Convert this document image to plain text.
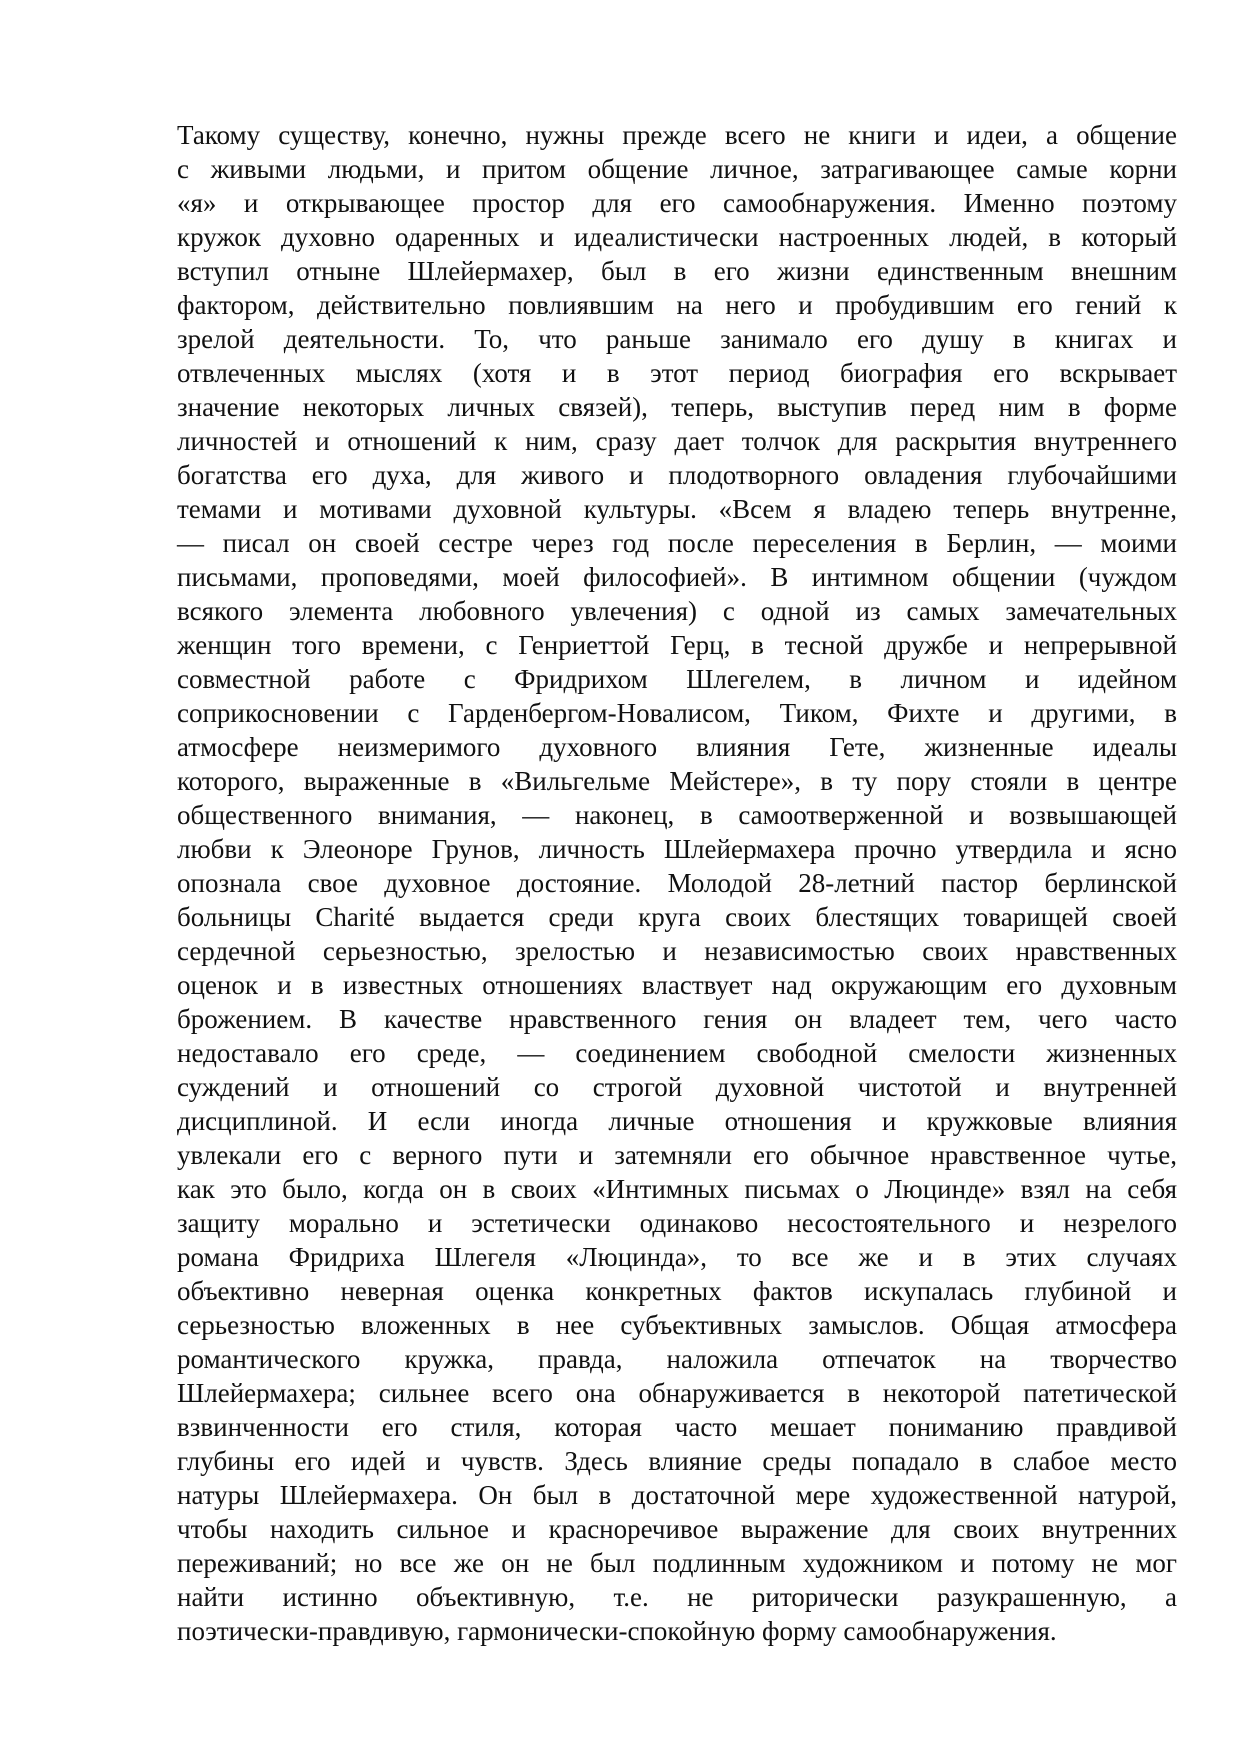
Такому существу, конечно, нужны прежде всего не книги и идеи, а общение
с живыми людьми, и притом общение личное, затрагивающее самые корни
«я» и открывающее простор для его самообнаружения. Именно поэтому
кружок духовно одаренных и идеалистически настроенных людей, в который
вступил отныне Шлейермахер, был в его жизни единственным внешним
фактором, действительно повлиявшим на него и пробудившим его гений к
зрелой деятельности. То, что раньше занимало его душу в книгах и
отвлеченных мыслях (хотя и в этот период биография его вскрывает
значение некоторых личных связей), теперь, выступив перед ним в форме
личностей и отношений к ним, сразу дает толчок для раскрытия внутреннего
богатства его духа, для живого и плодотворного овладения глубочайшими
темами и мотивами духовной культуры. «Всем я владею теперь внутренне,
— писал он своей сестре через год после переселения в Берлин, — моими
письмами, проповедями, моей философией». В интимном общении (чуждом
всякого элемента любовного увлечения) с одной из самых замечательных
женщин того времени, с Генриеттой Герц, в тесной дружбе и непрерывной
совместной работе с Фридрихом Шлегелем, в личном и идейном
соприкосновении с Гарденбергом-Новалисом, Тиком, Фихте и другими, в
атмосфере неизмеримого духовного влияния Гете, жизненные идеалы
которого, выраженные в «Вильгельме Мейстере», в ту пору стояли в центре
общественного внимания, — наконец, в самоотверженной и возвышающей
любви к Элеоноре Грунов, личность Шлейермахера прочно утвердила и ясно
опознала свое духовное достояние. Молодой 28-летний пастор берлинской
больницы Charité выдается среди круга своих блестящих товарищей своей
сердечной серьезностью, зрелостью и независимостью своих нравственных
оценок и в известных отношениях властвует над окружающим его духовным
брожением. В качестве нравственного гения он владеет тем, чего часто
недоставало его среде, — соединением свободной смелости жизненных
суждений и отношений со строгой духовной чистотой и внутренней
дисциплиной. И если иногда личные отношения и кружковые влияния
увлекали его с верного пути и затемняли его обычное нравственное чутье,
как это было, когда он в своих «Интимных письмах о Люцинде» взял на себя
защиту морально и эстетически одинаково несостоятельного и незрелого
романа Фридриха Шлегеля «Люцинда», то все же и в этих случаях
объективно неверная оценка конкретных фактов искупалась глубиной и
серьезностью вложенных в нее субъективных замыслов. Общая атмосфера
романтического кружка, правда, наложила отпечаток на творчество
Шлейермахера; сильнее всего она обнаруживается в некоторой патетической
взвинченности его стиля, которая часто мешает пониманию правдивой
глубины его идей и чувств. Здесь влияние среды попадало в слабое место
натуры Шлейермахера. Он был в достаточной мере художественной натурой,
чтобы находить сильное и красноречивое выражение для своих внутренних
переживаний; но все же он не был подлинным художником и потому не мог
найти истинно объективную, т.е. не риторически разукрашенную, а
поэтически-правдивую, гармонически-спокойную форму самообнаружения.
